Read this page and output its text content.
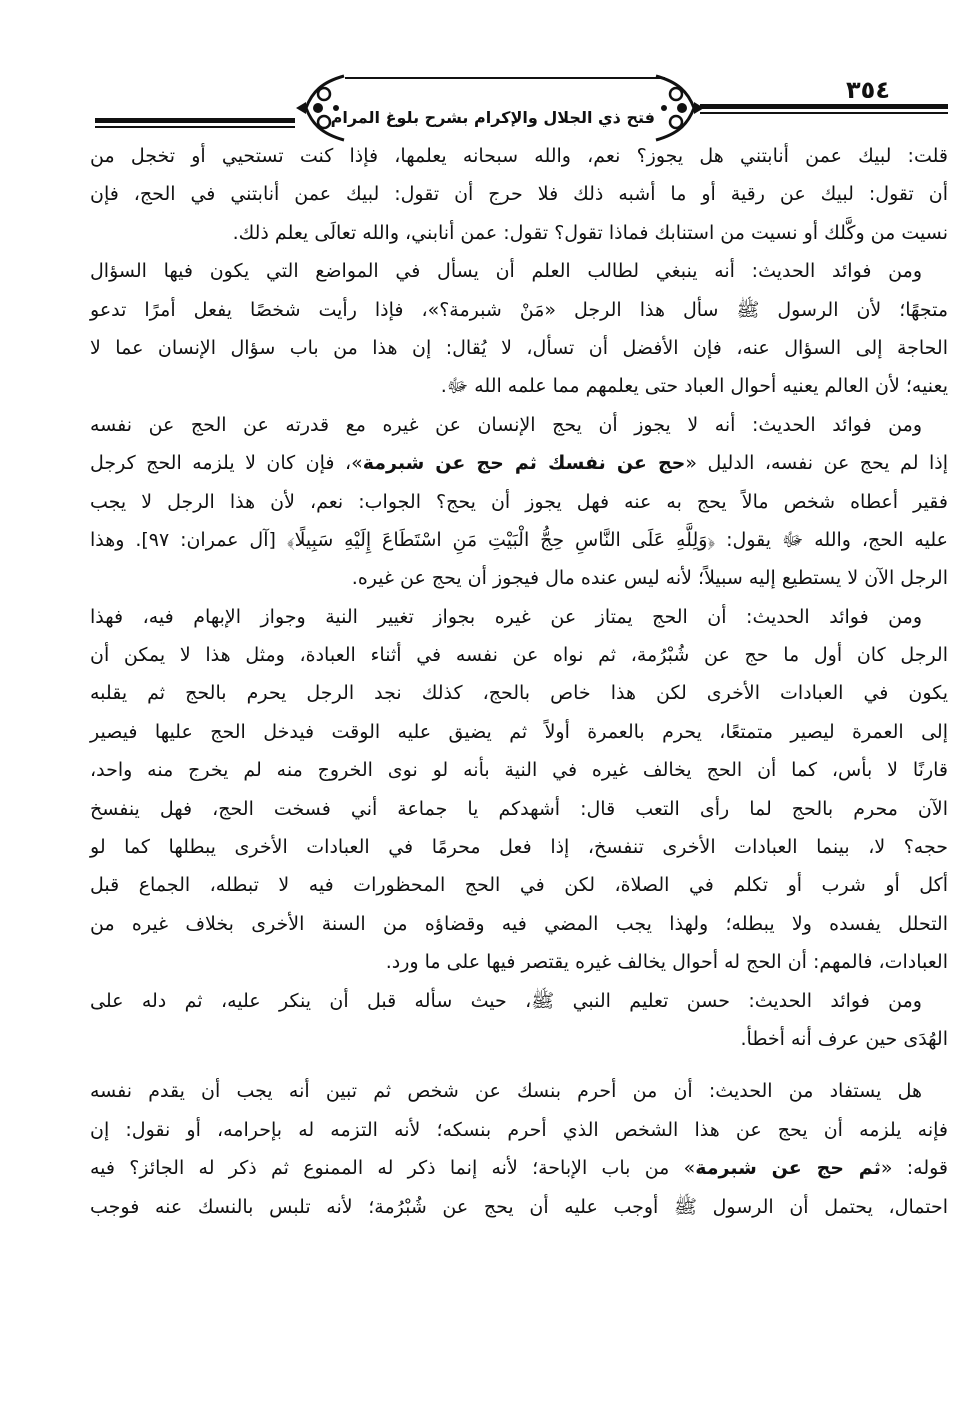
٣٥٤
فتح ذي الجلال والإكرام بشرح بلوغ المرام
قلت: لبيك عمن أنابتني هل يجوز؟ نعم، والله سبحانه يعلمها، فإذا كنت تستحيي أو تخجل من
أن تقول: لبيك عن رقية أو ما أشبه ذلك فلا حرج أن تقول: لبيك عمن أنابتني في الحج، فإن
نسيت من وكَّلك أو نسيت من استنابك فماذا تقول؟ تقول: عمن أنابني، والله تعالَى يعلم ذلك.
ومن فوائد الحديث: أنه ينبغي لطالب العلم أن يسأل في المواضع التي يكون فيها السؤال
متجهًا؛ لأن الرسول ﷺ سأل هذا الرجل «مَنْ شبرمة؟»، فإذا رأيت شخصًا يفعل أمرًا تدعو
الحاجة إلى السؤال عنه، فإن الأفضل أن تسأل، لا يُقال: إن هذا من باب سؤال الإنسان عما لا
يعنيه؛ لأن العالم يعنيه أحوال العباد حتى يعلمهم مما علمه الله ﷻ.
ومن فوائد الحديث: أنه لا يجوز أن يحج الإنسان عن غيره مع قدرته عن الحج عن نفسه
إذا لم يحج عن نفسه، الدليل «حج عن نفسك ثم حج عن شبرمة»، فإن كان لا يلزمه الحج كرجل
فقير أعطاه شخص مالاً يحج به عنه فهل يجوز أن يحج؟ الجواب: نعم، لأن هذا الرجل لا يجب
عليه الحج، والله ﷻ يقول: ﴿وَلِلَّهِ عَلَى النَّاسِ حِجُّ الْبَيْتِ مَنِ اسْتَطَاعَ إِلَيْهِ سَبِيلًا﴾ [آل عمران: ٩٧]. وهذا
الرجل الآن لا يستطيع إليه سبيلاً؛ لأنه ليس عنده مال فيجوز أن يحج عن غيره.
ومن فوائد الحديث: أن الحج يمتاز عن غيره بجواز تغيير النية وجواز الإبهام فيه، فهذا
الرجل كان أول ما حج عن شُبْرُمة، ثم نواه عن نفسه في أثناء العبادة، ومثل هذا لا يمكن أن
يكون في العبادات الأخرى لكن هذا خاص بالحج، كذلك نجد الرجل يحرم بالحج ثم يقلبه
إلى العمرة ليصير متمتعًا، يحرم بالعمرة أولاً ثم يضيق عليه الوقت فيدخل الحج عليها فيصير
قارنًا لا بأس، كما أن الحج يخالف غيره في النية بأنه لو نوى الخروج منه لم يخرج منه واحد،
الآن محرم بالحج لما رأى التعب قال: أشهدكم يا جماعة أني فسخت الحج، فهل ينفسخ
حجه؟ لا، بينما العبادات الأخرى تنفسخ، إذا فعل محرمًا في العبادات الأخرى يبطلها كما لو
أكل أو شرب أو تكلم في الصلاة، لكن في الحج المحظورات فيه لا تبطله، الجماع قبل
التحلل يفسده ولا يبطله؛ ولهذا يجب المضي فيه وقضاؤه من السنة الأخرى بخلاف غيره من
العبادات، فالمهم: أن الحج له أحوال يخالف غيره يقتصر فيها على ما ورد.
ومن فوائد الحديث: حسن تعليم النبي ﷺ، حيث سأله قبل أن ينكر عليه، ثم دله على
الهُدَى حين عرف أنه أخطأ.
هل يستفاد من الحديث: أن من أحرم بنسك عن شخص ثم تبين أنه يجب أن يقدم نفسه
فإنه يلزمه أن يحج عن هذا الشخص الذي أحرم بنسكه؛ لأنه التزمه له بإحرامه، أو نقول: إن
قوله: «ثم حج عن شبرمة» من باب الإباحة؛ لأنه إنما ذكر له الممنوع ثم ذكر له الجائز؟ فيه
احتمال، يحتمل أن الرسول ﷺ أوجب عليه أن يحج عن شُبْرُمة؛ لأنه تلبس بالنسك عنه فوجب
